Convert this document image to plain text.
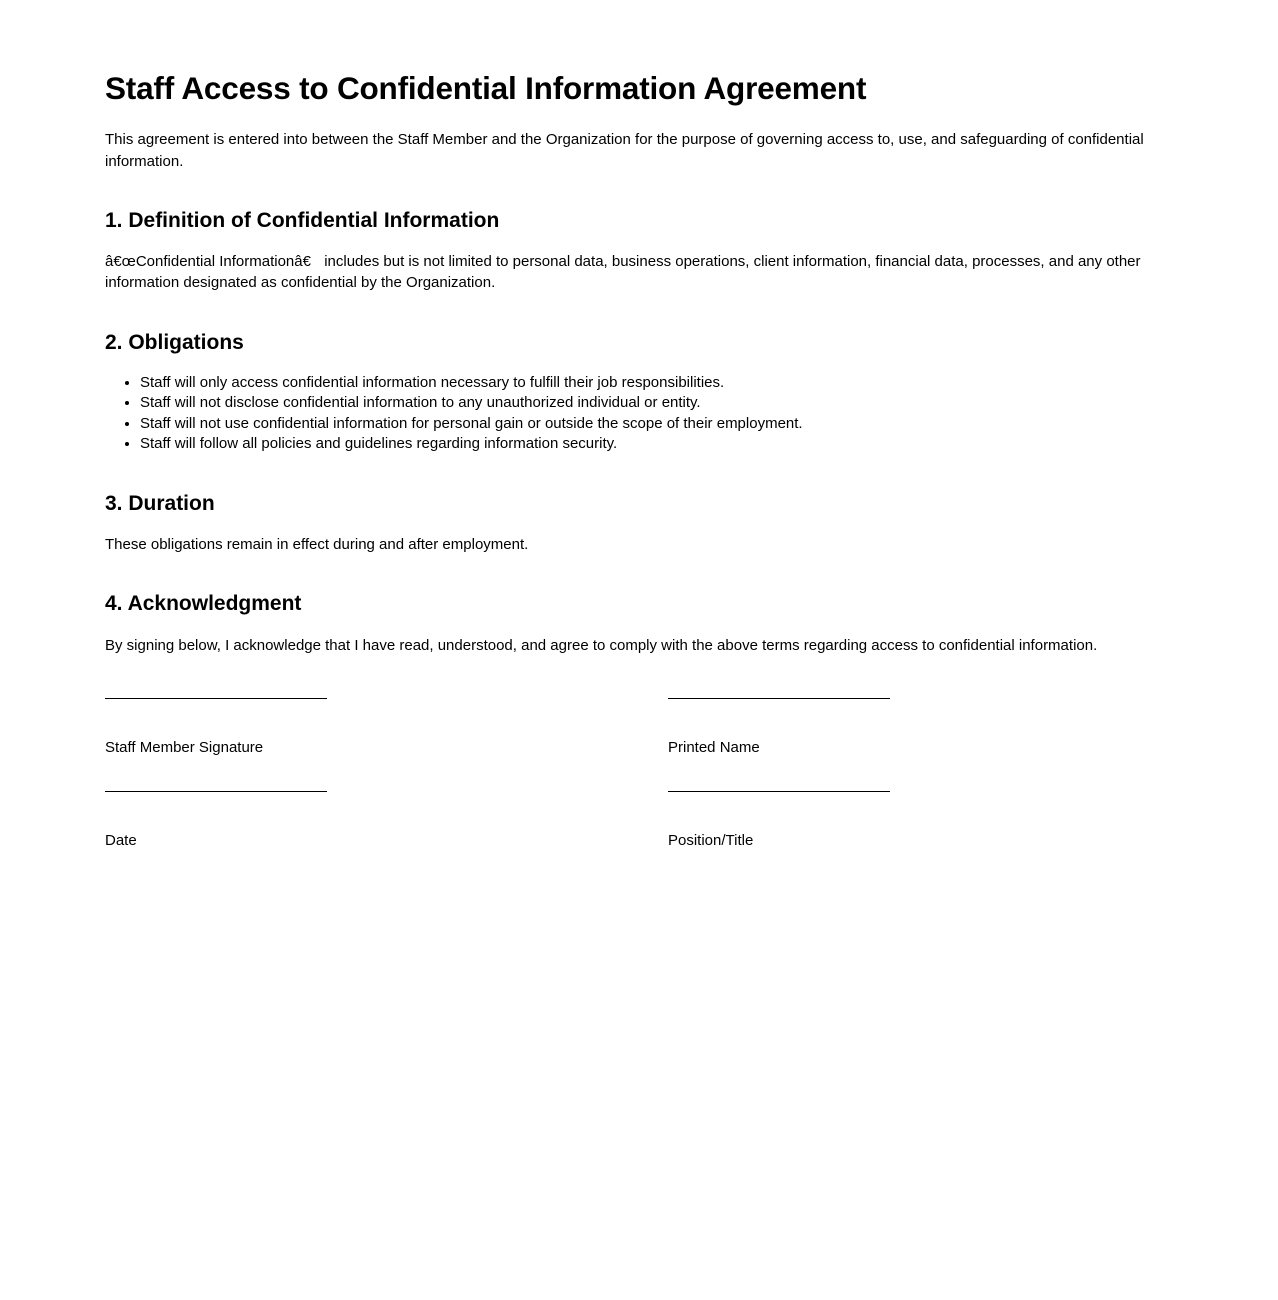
Staff Access to Confidential Information Agreement

This agreement is entered into between the Staff Member and the Organization for the purpose of governing access to, use, and safeguarding of confidential information.

1. Definition of Confidential Information

â€œConfidential Informationâ€ includes but is not limited to personal data, business operations, client information, financial data, processes, and any other information designated as confidential by the Organization.

2. Obligations
• Staff will only access confidential information necessary to fulfill their job responsibilities.
• Staff will not disclose confidential information to any unauthorized individual or entity.
• Staff will not use confidential information for personal gain or outside the scope of their employment.
• Staff will follow all policies and guidelines regarding information security.
3. Duration

These obligations remain in effect during and after employment.

4. Acknowledgment

By signing below, I acknowledge that I have read, understood, and agree to comply with the above terms regarding access to confidential information.

Staff Member Signature	Printed Name
Date	Position/Title
